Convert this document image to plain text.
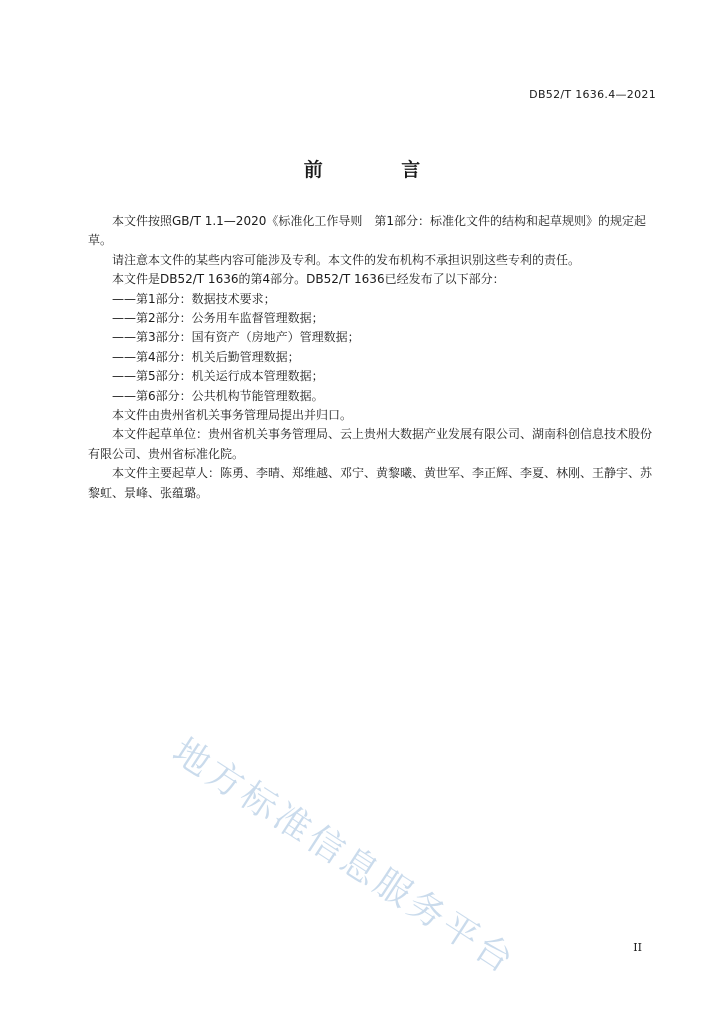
DB52/T 1636.4—2021
前 言

本文件按照GB/T 1.1—2020《标准化工作导则　第1部分：标准化文件的结构和起草规则》的规定起草。

请注意本文件的某些内容可能涉及专利。本文件的发布机构不承担识别这些专利的责任。

本文件是DB52/T 1636的第4部分。DB52/T 1636已经发布了以下部分：

——第1部分：数据技术要求；
——第2部分：公务用车监督管理数据；
——第3部分：国有资产（房地产）管理数据；
——第4部分：机关后勤管理数据；
——第5部分：机关运行成本管理数据；
——第6部分：公共机构节能管理数据。

本文件由贵州省机关事务管理局提出并归口。

本文件起草单位：贵州省机关事务管理局、云上贵州大数据产业发展有限公司、湖南科创信息技术股份有限公司、贵州省标准化院。

本文件主要起草人：陈勇、李晴、郑维越、邓宁、黄黎曦、黄世军、李正辉、李夏、林刚、王静宇、苏黎虹、景峰、张蕴璐。

地方标准信息服务平台	II
